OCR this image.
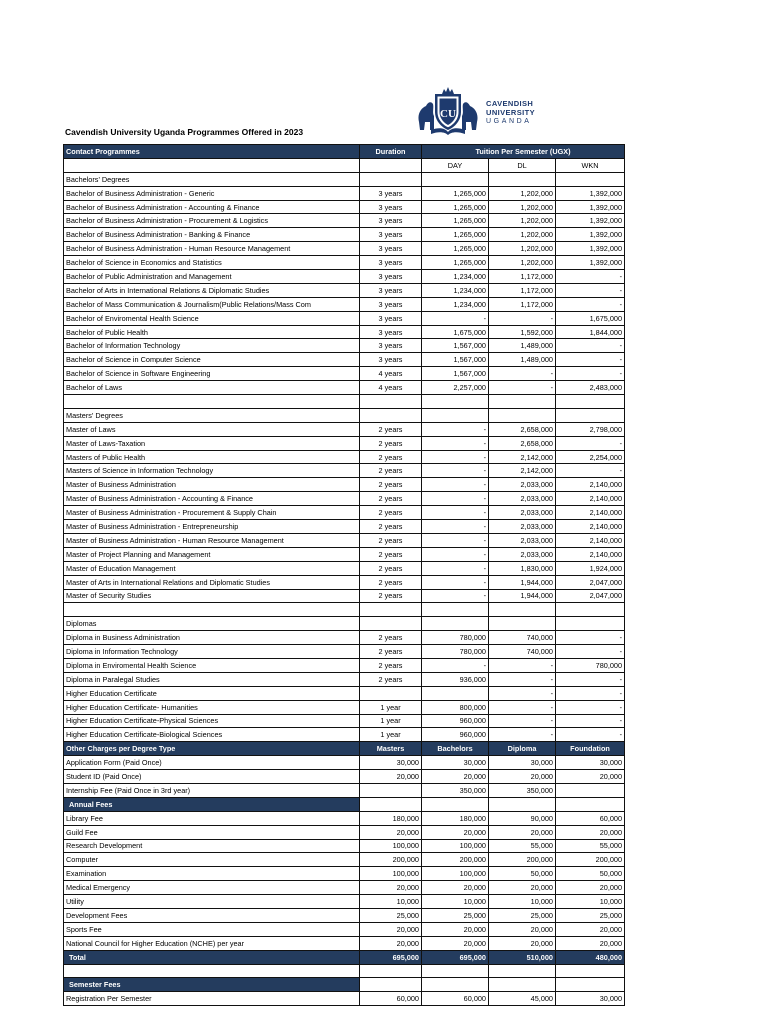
CU
CAVENDISH
UNIVERSITY
UGANDA
Cavendish University Uganda Programmes Offered in 2023
Contact Programmes	Duration	Tuition Per Semester (UGX)		
		DAY	DL	WKN
Bachelors' Degrees				
Bachelor of Business Administration - Generic	3 years	1,265,000	1,202,000	1,392,000
Bachelor of Business Administration - Accounting & Finance	3 years	1,265,000	1,202,000	1,392,000
Bachelor of Business Administration - Procurement & Logistics	3 years	1,265,000	1,202,000	1,392,000
Bachelor of Business Administration - Banking & Finance	3 years	1,265,000	1,202,000	1,392,000
Bachelor of Business Administration - Human Resource Management	3 years	1,265,000	1,202,000	1,392,000
Bachelor of Science in Economics and Statistics	3 years	1,265,000	1,202,000	1,392,000
Bachelor of Public Administration and Management	3 years	1,234,000	1,172,000	-
Bachelor of Arts in International Relations & Diplomatic Studies	3 years	1,234,000	1,172,000	-
Bachelor of Mass Communication & Journalism(Public Relations/Mass Com	3 years	1,234,000	1,172,000	-
Bachelor of Enviromental Health Science	3 years	-	-	1,675,000
Bachelor of Public Health	3 years	1,675,000	1,592,000	1,844,000
Bachelor of Information Technology	3 years	1,567,000	1,489,000	-
Bachelor of Science in Computer Science	3 years	1,567,000	1,489,000	-
Bachelor of Science in Software Engineering	4 years	1,567,000	-	-
Bachelor of Laws	4 years	2,257,000	-	2,483,000

Masters' Degrees				
Master of Laws	2 years	-	2,658,000	2,798,000
Master of Laws-Taxation	2 years	-	2,658,000	-
Masters of Public Health	2 years	-	2,142,000	2,254,000
Masters of Science in Information Technology	2 years	-	2,142,000	-
Master of Business Administration	2 years	-	2,033,000	2,140,000
Master of Business Administration - Accounting & Finance	2 years	-	2,033,000	2,140,000
Master of Business Administration - Procurement & Supply Chain	2 years	-	2,033,000	2,140,000
Master of Business Administration - Entrepreneurship	2 years	-	2,033,000	2,140,000
Master of Business Administration - Human Resource Management	2 years	-	2,033,000	2,140,000
Master of Project Planning and Management	2 years	-	2,033,000	2,140,000
Master of Education Management	2 years	-	1,830,000	1,924,000
Master of Arts in International Relations and Diplomatic Studies	2 years	-	1,944,000	2,047,000
Master of Security Studies	2 years	-	1,944,000	2,047,000

Diplomas				
Diploma in Business Administration	2 years	780,000	740,000	-
Diploma in Information Technology	2 years	780,000	740,000	-
Diploma in Enviromental Health Science	2 years	-	-	780,000
Diploma in Paralegal Studies	2 years	936,000	-	-
Higher Education Certificate			-	-
Higher Education Certificate- Humanities	1 year	800,000	-	-
Higher Education Certificate-Physical Sciences	1 year	960,000	-	-
Higher Education Certificate-Biological Sciences	1 year	960,000	-	-
Other Charges per Degree Type	Masters	Bachelors	Diploma	Foundation
Application Form (Paid Once)	30,000	30,000	30,000	30,000
Student ID (Paid Once)	20,000	20,000	20,000	20,000
Internship Fee (Paid Once in 3rd year)		350,000	350,000	
Annual Fees				
Library Fee	180,000	180,000	90,000	60,000
Guild Fee	20,000	20,000	20,000	20,000
Research Development	100,000	100,000	55,000	55,000
Computer	200,000	200,000	200,000	200,000
Examination	100,000	100,000	50,000	50,000
Medical Emergency	20,000	20,000	20,000	20,000
Utility	10,000	10,000	10,000	10,000
Development Fees	25,000	25,000	25,000	25,000
Sports Fee	20,000	20,000	20,000	20,000
National Council for Higher Education (NCHE) per year	20,000	20,000	20,000	20,000
Total	695,000	695,000	510,000	480,000

Semester Fees				
Registration Per Semester	60,000	60,000	45,000	30,000
